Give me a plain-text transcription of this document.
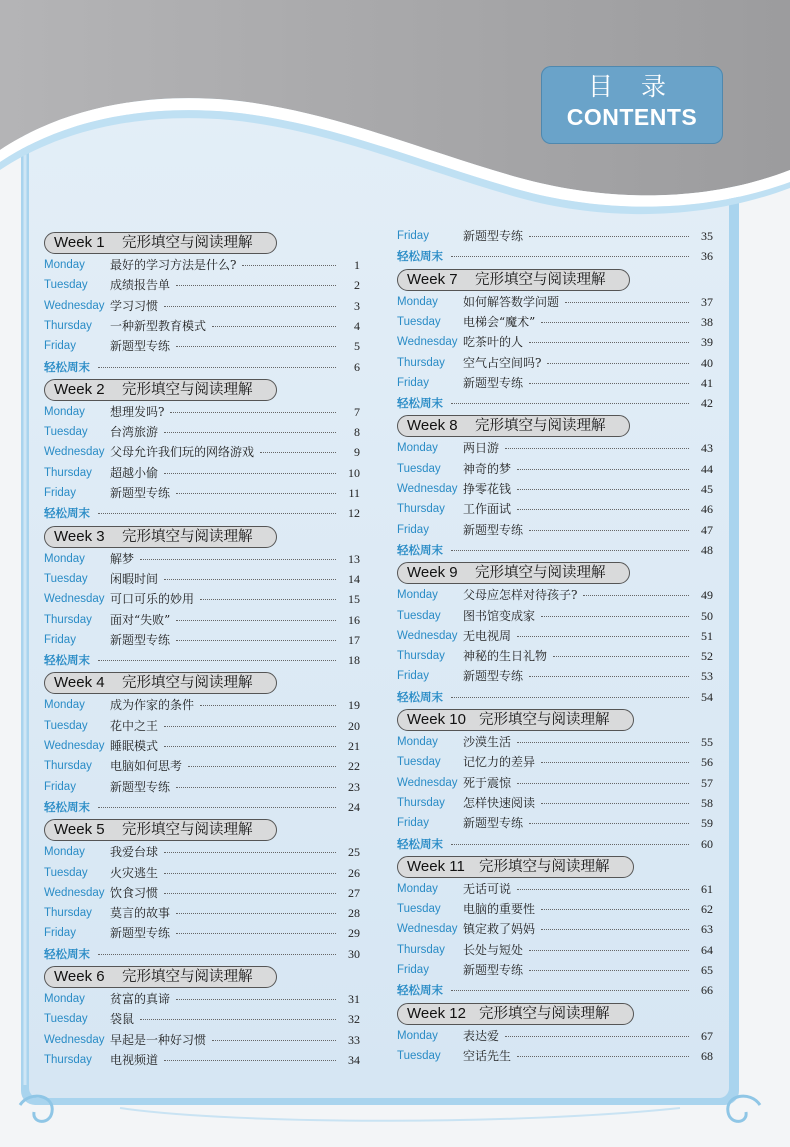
目 录
CONTENTS
Week 1 完形填空与阅读理解
Monday 最好的学习方法是什么?	1
Tuesday 成绩报告单	2
Wednesday 学习习惯	3
Thursday 一种新型教育模式	4
Friday	新题型专练	5
轻松周末	6
Week 2 完形填空与阅读理解
Monday 想理发吗?	7
Tuesday 台湾旅游	8
Wednesday 父母允许我们玩的网络游戏	9
Thursday 超越小偷	10
Friday	新题型专练	11
轻松周末	12
Week 3 完形填空与阅读理解
Monday 解梦	13
Tuesday 闲暇时间	14
Wednesday 可口可乐的妙用	15
Thursday 面对“失败”	16
Friday	新题型专练	17
轻松周末	18
Week 4 完形填空与阅读理解
Monday 成为作家的条件	19
Tuesday 花中之王	20
Wednesday 睡眠模式	21
Thursday 电脑如何思考	22
Friday	新题型专练	23
轻松周末	24
Week 5 完形填空与阅读理解
Monday 我爱台球	25
Tuesday 火灾逃生	26
Wednesday 饮食习惯	27
Thursday 莫言的故事	28
Friday	新题型专练	29
轻松周末	30
Week 6 完形填空与阅读理解
Monday 贫富的真谛	31
Tuesday 袋鼠	32
Wednesday 早起是一种好习惯	33
Thursday 电视频道	34
Friday	新题型专练	35
轻松周末	36
Week 7 完形填空与阅读理解
Monday 如何解答数学问题	37
Tuesday 电梯会“魔术”	38
Wednesday 吃茶叶的人	39
Thursday 空气占空间吗?	40
Friday	新题型专练	41
轻松周末	42
Week 8 完形填空与阅读理解
Monday 两日游	43
Tuesday 神奇的梦	44
Wednesday 挣零花钱	45
Thursday 工作面试	46
Friday	新题型专练	47
轻松周末	48
Week 9 完形填空与阅读理解
Monday 父母应怎样对待孩子?	49
Tuesday 图书馆变成家	50
Wednesday 无电视周	51
Thursday 神秘的生日礼物	52
Friday	新题型专练	53
轻松周末	54
Week 10 完形填空与阅读理解
Monday 沙漠生活	55
Tuesday 记忆力的差异	56
Wednesday 死于震惊	57
Thursday 怎样快速阅读	58
Friday	新题型专练	59
轻松周末	60
Week 11 完形填空与阅读理解
Monday 无话可说	61
Tuesday 电脑的重要性	62
Wednesday 镇定救了妈妈	63
Thursday 长处与短处	64
Friday	新题型专练	65
轻松周末	66
Week 12 完形填空与阅读理解
Monday 表达爱	67
Tuesday 空话先生	68
